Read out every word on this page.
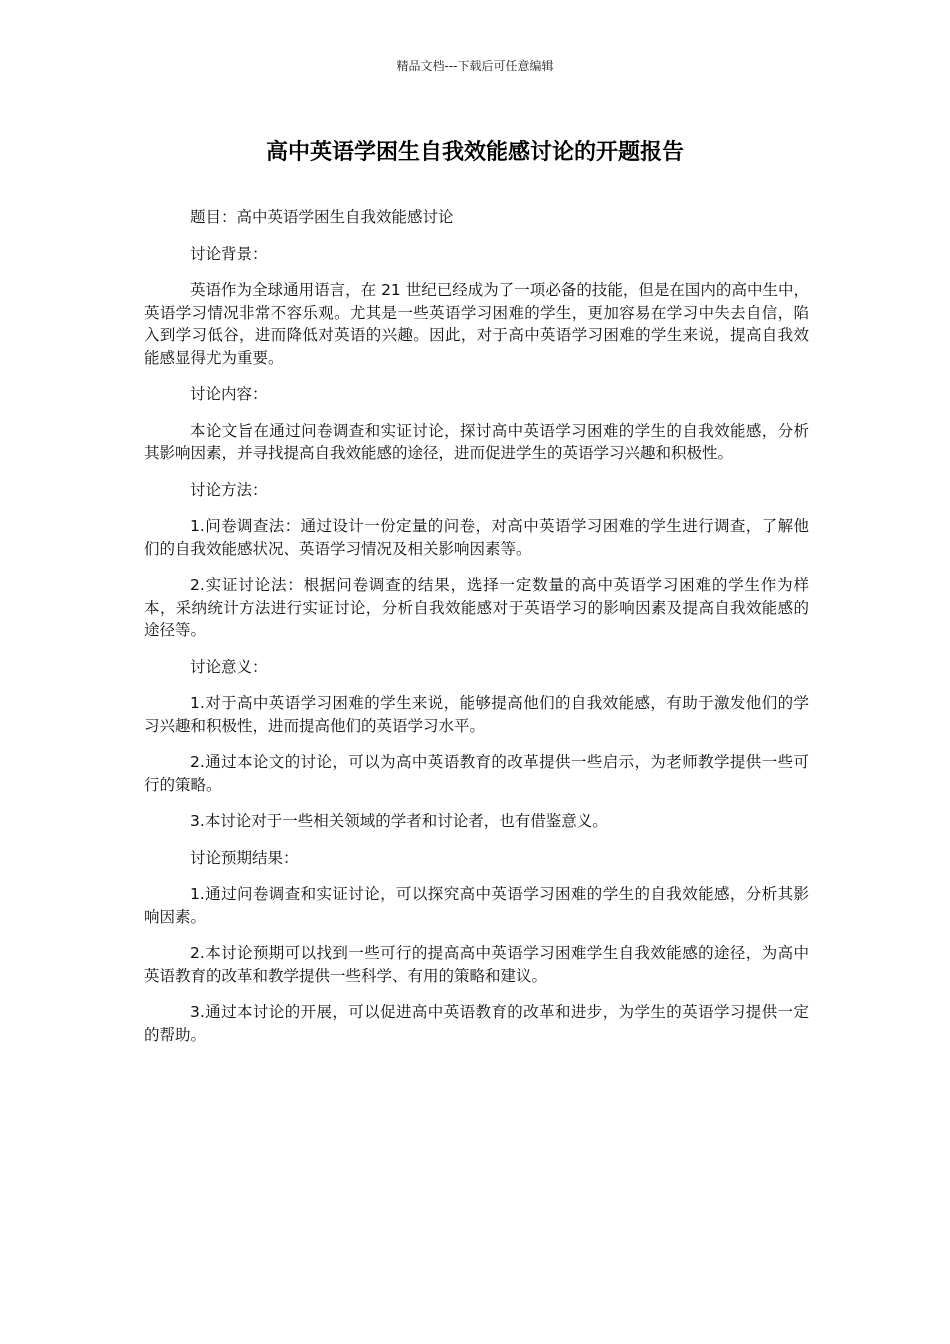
精品文档---下载后可任意编辑
高中英语学困生自我效能感讨论的开题报告

题目：高中英语学困生自我效能感讨论

讨论背景：

英语作为全球通用语言，在 21 世纪已经成为了一项必备的技能，但是在国内的高中生中，英语学习情况非常不容乐观。尤其是一些英语学习困难的学生，更加容易在学习中失去自信，陷入到学习低谷，进而降低对英语的兴趣。因此，对于高中英语学习困难的学生来说，提高自我效能感显得尤为重要。

讨论内容：

本论文旨在通过问卷调查和实证讨论，探讨高中英语学习困难的学生的自我效能感，分析其影响因素，并寻找提高自我效能感的途径，进而促进学生的英语学习兴趣和积极性。

讨论方法：

1.问卷调查法：通过设计一份定量的问卷，对高中英语学习困难的学生进行调查，了解他们的自我效能感状况、英语学习情况及相关影响因素等。

2.实证讨论法：根据问卷调查的结果，选择一定数量的高中英语学习困难的学生作为样本，采纳统计方法进行实证讨论，分析自我效能感对于英语学习的影响因素及提高自我效能感的途径等。

讨论意义：

1.对于高中英语学习困难的学生来说，能够提高他们的自我效能感，有助于激发他们的学习兴趣和积极性，进而提高他们的英语学习水平。

2.通过本论文的讨论，可以为高中英语教育的改革提供一些启示，为老师教学提供一些可行的策略。

3.本讨论对于一些相关领域的学者和讨论者，也有借鉴意义。

讨论预期结果：

1.通过问卷调查和实证讨论，可以探究高中英语学习困难的学生的自我效能感，分析其影响因素。

2.本讨论预期可以找到一些可行的提高高中英语学习困难学生自我效能感的途径，为高中英语教育的改革和教学提供一些科学、有用的策略和建议。

3.通过本讨论的开展，可以促进高中英语教育的改革和进步，为学生的英语学习提供一定的帮助。
